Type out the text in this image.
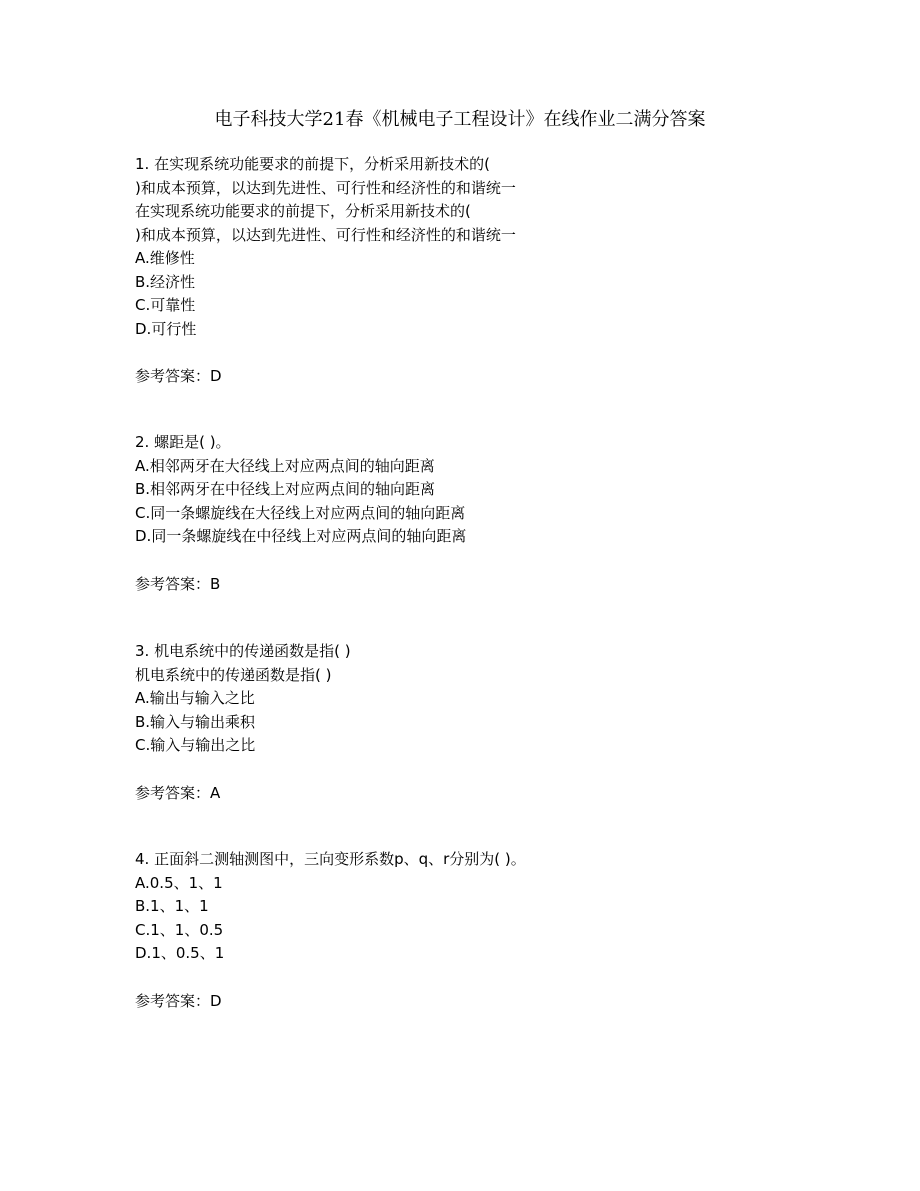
电子科技大学21春《机械电子工程设计》在线作业二满分答案
1. 在实现系统功能要求的前提下，分析采用新技术的(
)和成本预算，以达到先进性、可行性和经济性的和谐统一
在实现系统功能要求的前提下，分析采用新技术的(
)和成本预算，以达到先进性、可行性和经济性的和谐统一
A.维修性
B.经济性
C.可靠性
D.可行性
参考答案：D
2. 螺距是( )。
A.相邻两牙在大径线上对应两点间的轴向距离
B.相邻两牙在中径线上对应两点间的轴向距离
C.同一条螺旋线在大径线上对应两点间的轴向距离
D.同一条螺旋线在中径线上对应两点间的轴向距离
参考答案：B
3. 机电系统中的传递函数是指( )
机电系统中的传递函数是指( )
A.输出与输入之比
B.输入与输出乘积
C.输入与输出之比
参考答案：A
4. 正面斜二测轴测图中，三向变形系数p、q、r分别为( )。
A.0.5、1、1
B.1、1、1
C.1、1、0.5
D.1、0.5、1
参考答案：D
